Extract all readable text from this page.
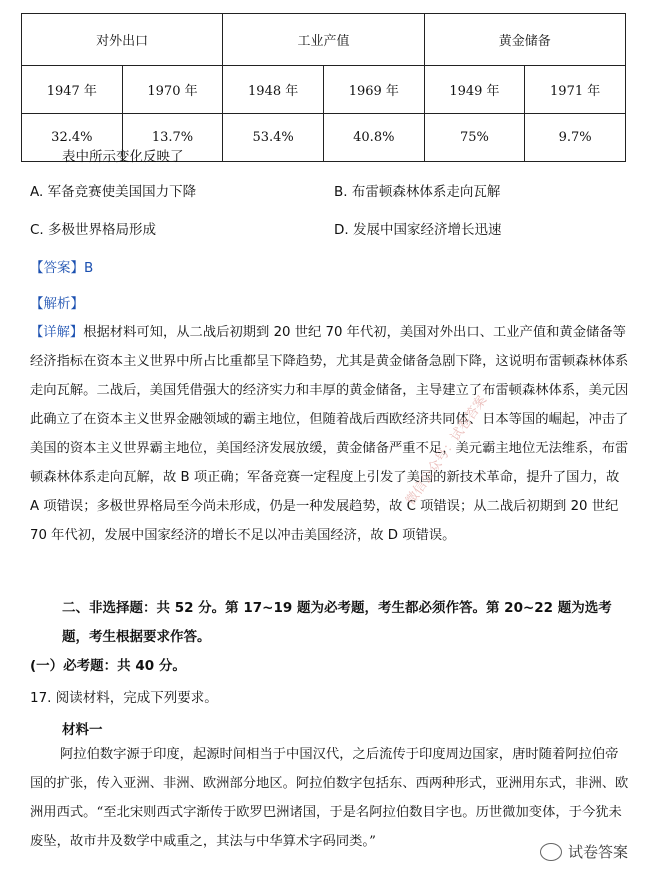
对外出口		工业产值		黄金储备	
1947 年	1970 年	1948 年	1969 年	1949 年	1971 年
32.4%	13.7%	53.4%	40.8%	75%	9.7%
表中所示变化反映了
A. 军备竞赛使美国国力下降	B. 布雷顿森林体系走向瓦解
C. 多极世界格局形成	D. 发展中国家经济增长迅速
【答案】B
【解析】
【详解】根据材料可知，从二战后初期到 20 世纪 70 年代初，美国对外出口、工业产值和黄金储备等经济指标在资本主义世界中所占比重都呈下降趋势，尤其是黄金储备急剧下降，这说明布雷顿森林体系走向瓦解。二战后，美国凭借强大的经济实力和丰厚的黄金储备，主导建立了布雷顿森林体系，美元因此确立了在资本主义世界金融领域的霸主地位，但随着战后西欧经济共同体、日本等国的崛起，冲击了美国的资本主义世界霸主地位，美国经济发展放缓，黄金储备严重不足，美元霸主地位无法维系，布雷顿森林体系走向瓦解，故 B 项正确；军备竞赛一定程度上引发了美国的新技术革命，提升了国力，故 A 项错误；多极世界格局至今尚未形成，仍是一种发展趋势，故 C 项错误；从二战后初期到 20 世纪 70 年代初，发展中国家经济的增长不足以冲击美国经济，故 D 项错误。
微信公众号：试卷答案
二、非选择题：共 52 分。第 17~19 题为必考题，考生都必须作答。第 20~22 题为选考题，考生根据要求作答。
(一）必考题：共 40 分。
17. 阅读材料，完成下列要求。
材料一
阿拉伯数字源于印度，起源时间相当于中国汉代，之后流传于印度周边国家，唐时随着阿拉伯帝国的扩张，传入亚洲、非洲、欧洲部分地区。阿拉伯数字包括东、西两种形式，亚洲用东式，非洲、欧洲用西式。“至北宋则西式字渐传于欧罗巴洲诸国，于是名阿拉伯数目字也。历世微加变体，于今犹未废坠，故市井及数学中咸重之，其法与中华算术字码同类。”
试卷答案
